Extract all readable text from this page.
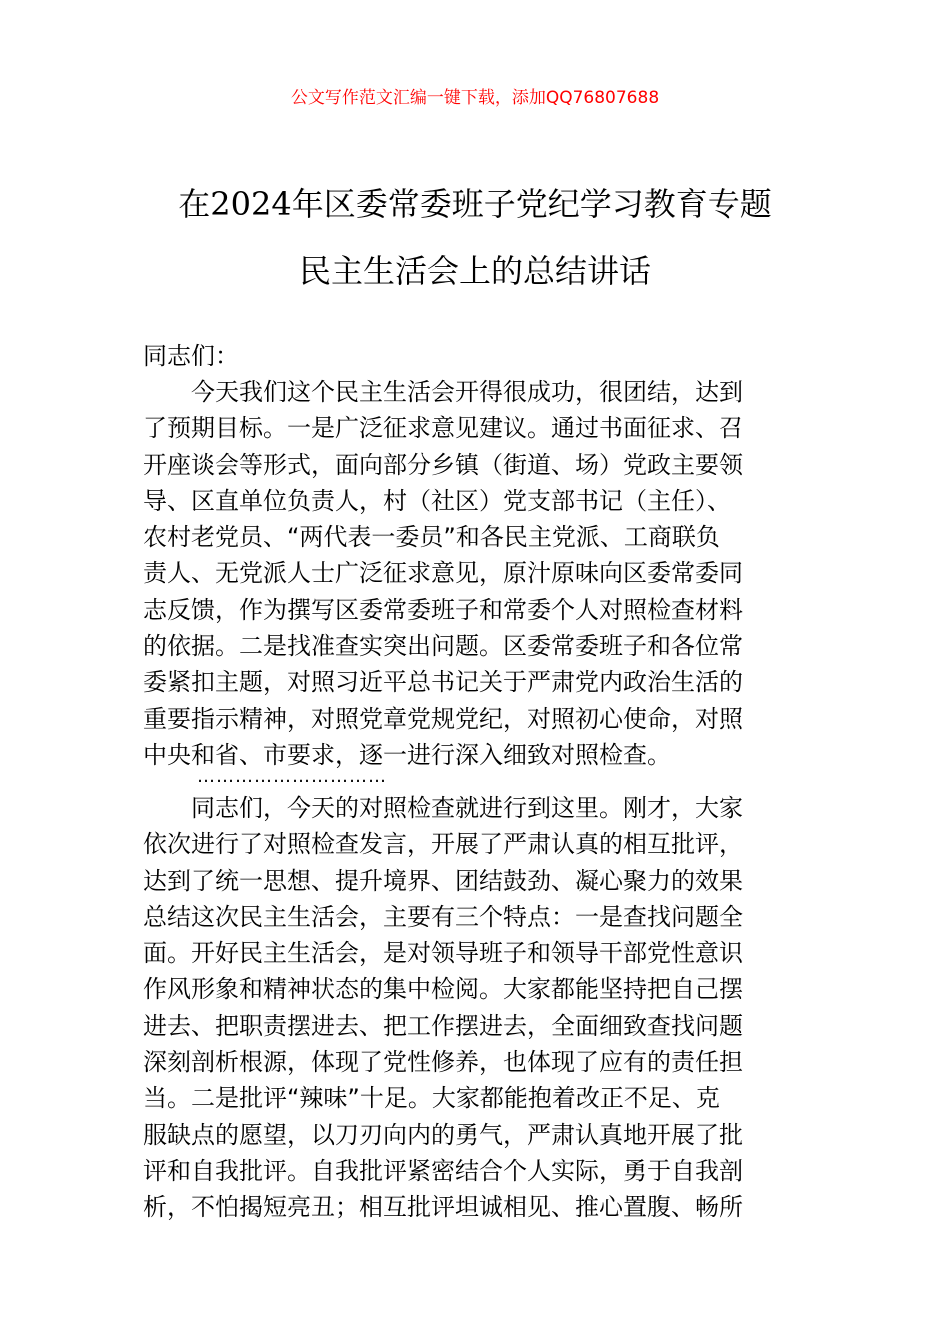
公文写作范文汇编一键下载，添加QQ76807688
在2024年区委常委班子党纪学习教育专题
民主生活会上的总结讲话
同志们：
　　今天我们这个民主生活会开得很成功，很团结，达到
了预期目标。一是广泛征求意见建议。通过书面征求、召
开座谈会等形式，面向部分乡镇（街道、场）党政主要领
导、区直单位负责人，村（社区）党支部书记（主任）、
农村老党员、“两代表一委员”和各民主党派、工商联负
责人、无党派人士广泛征求意见，原汁原味向区委常委同
志反馈，作为撰写区委常委班子和常委个人对照检查材料
的依据。二是找准查实突出问题。区委常委班子和各位常
委紧扣主题，对照习近平总书记关于严肃党内政治生活的
重要指示精神，对照党章党规党纪，对照初心使命，对照
中央和省、市要求，逐一进行深入细致对照检查。
…………………………
　　同志们，今天的对照检查就进行到这里。刚才，大家
依次进行了对照检查发言，开展了严肃认真的相互批评，
达到了统一思想、提升境界、团结鼓劲、凝心聚力的效果
总结这次民主生活会，主要有三个特点：一是查找问题全
面。开好民主生活会，是对领导班子和领导干部党性意识
作风形象和精神状态的集中检阅。大家都能坚持把自己摆
进去、把职责摆进去、把工作摆进去，全面细致查找问题
深刻剖析根源，体现了党性修养，也体现了应有的责任担
当。二是批评“辣味”十足。大家都能抱着改正不足、克
服缺点的愿望，以刀刃向内的勇气，严肃认真地开展了批
评和自我批评。自我批评紧密结合个人实际，勇于自我剖
析，不怕揭短亮丑；相互批评坦诚相见、推心置腹、畅所
